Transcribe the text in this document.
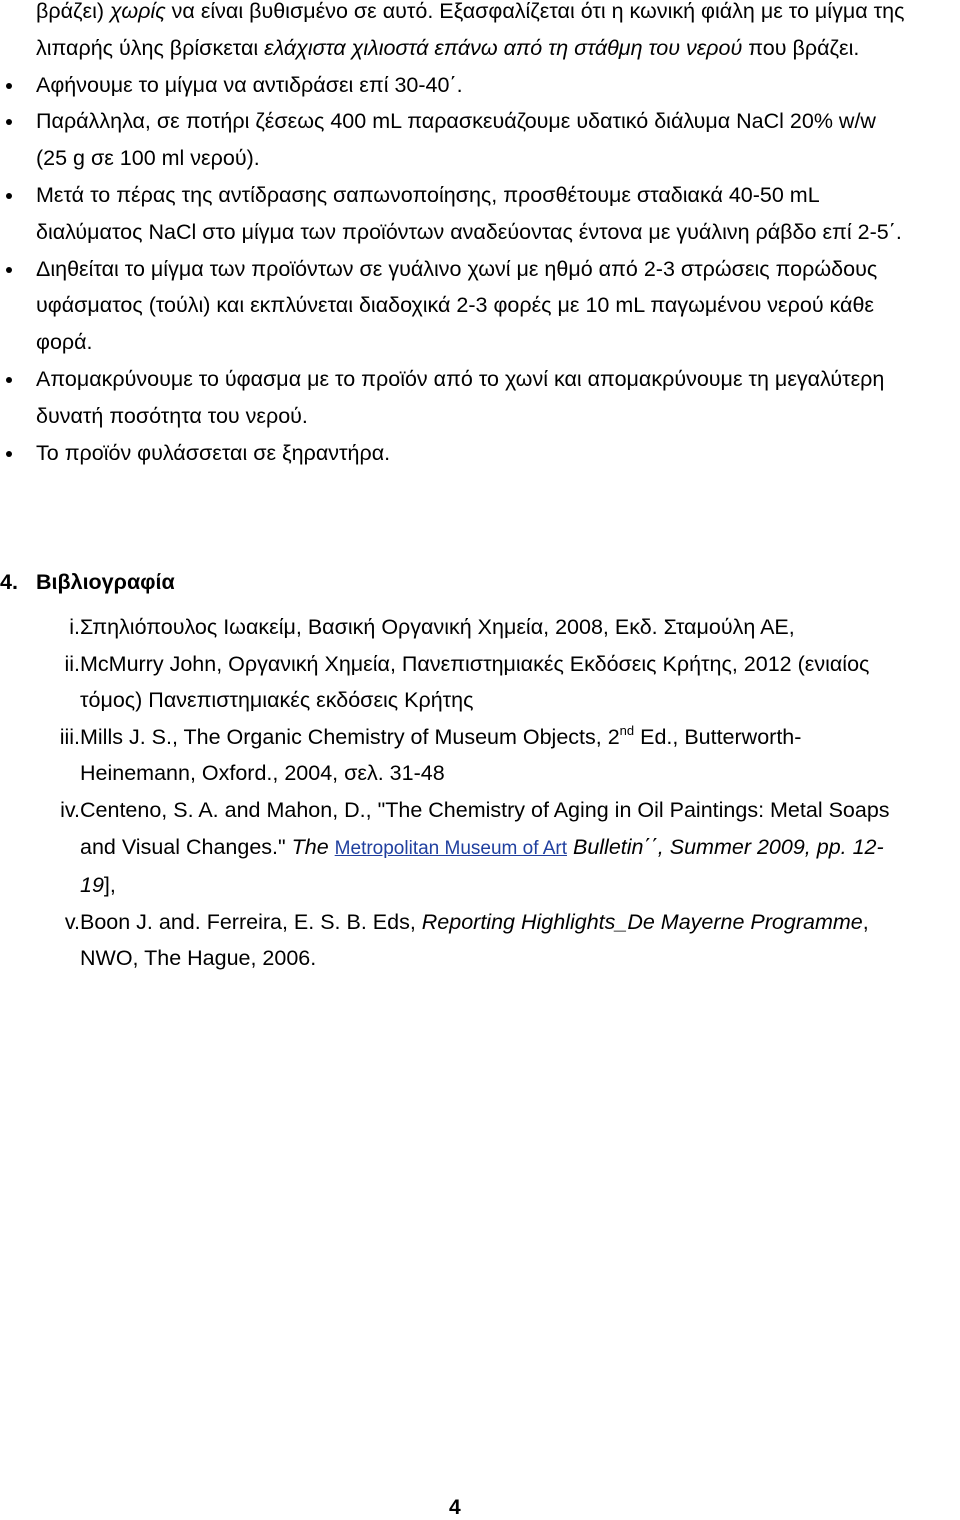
βράζει) χωρίς να είναι βυθισμένο σε αυτό. Εξασφαλίζεται ότι η κωνική φιάλη με το μίγμα της
λιπαρής ύλης βρίσκεται ελάχιστα χιλιοστά επάνω από τη στάθμη του νερού που βράζει.
Αφήνουμε το μίγμα να αντιδράσει επί 30-40΄.
Παράλληλα, σε ποτήρι ζέσεως 400 mL παρασκευάζουμε υδατικό διάλυμα NaCl 20% w/w
(25 g σε 100 ml νερού).
Μετά το πέρας της αντίδρασης σαπωνοποίησης, προσθέτουμε σταδιακά 40-50 mL
διαλύματος NaCl στο μίγμα των προϊόντων αναδεύοντας έντονα με γυάλινη ράβδο επί 2-5΄.
Διηθείται το μίγμα των προϊόντων σε γυάλινο χωνί με ηθμό από 2-3 στρώσεις πορώδους
υφάσματος (τούλι) και εκπλύνεται διαδοχικά 2-3 φορές με 10 mL παγωμένου νερού κάθε
φορά.
Απομακρύνουμε το ύφασμα με το προϊόν από το χωνί και απομακρύνουμε τη μεγαλύτερη
δυνατή ποσότητα του νερού.
Το προϊόν φυλάσσεται σε ξηραντήρα.
4. Βιβλιογραφία
i. Σπηλιόπουλος Ιωακείμ, Βασική Οργανική Χημεία, 2008, Εκδ. Σταμούλη ΑΕ,
ii. McMurry John, Οργανική Χημεία, Πανεπιστημιακές Εκδόσεις Κρήτης, 2012 (ενιαίος
τόμος) Πανεπιστημιακές εκδόσεις Κρήτης
iii. Mills J. S., The Organic Chemistry of Museum Objects, 2nd Ed., Butterworth-
Heinemann, Oxford., 2004, σελ. 31-48
iv. Centeno, S. A. and Mahon, D., "The Chemistry of Aging in Oil Paintings: Metal Soaps
and Visual Changes." The Metropolitan Museum of Art Bulletin΄΄, Summer 2009, pp. 12-
19],
v. Boon J. and. Ferreira, E. S. B. Eds, Reporting Highlights_De Mayerne Programme,
NWO, The Hague, 2006.
4
